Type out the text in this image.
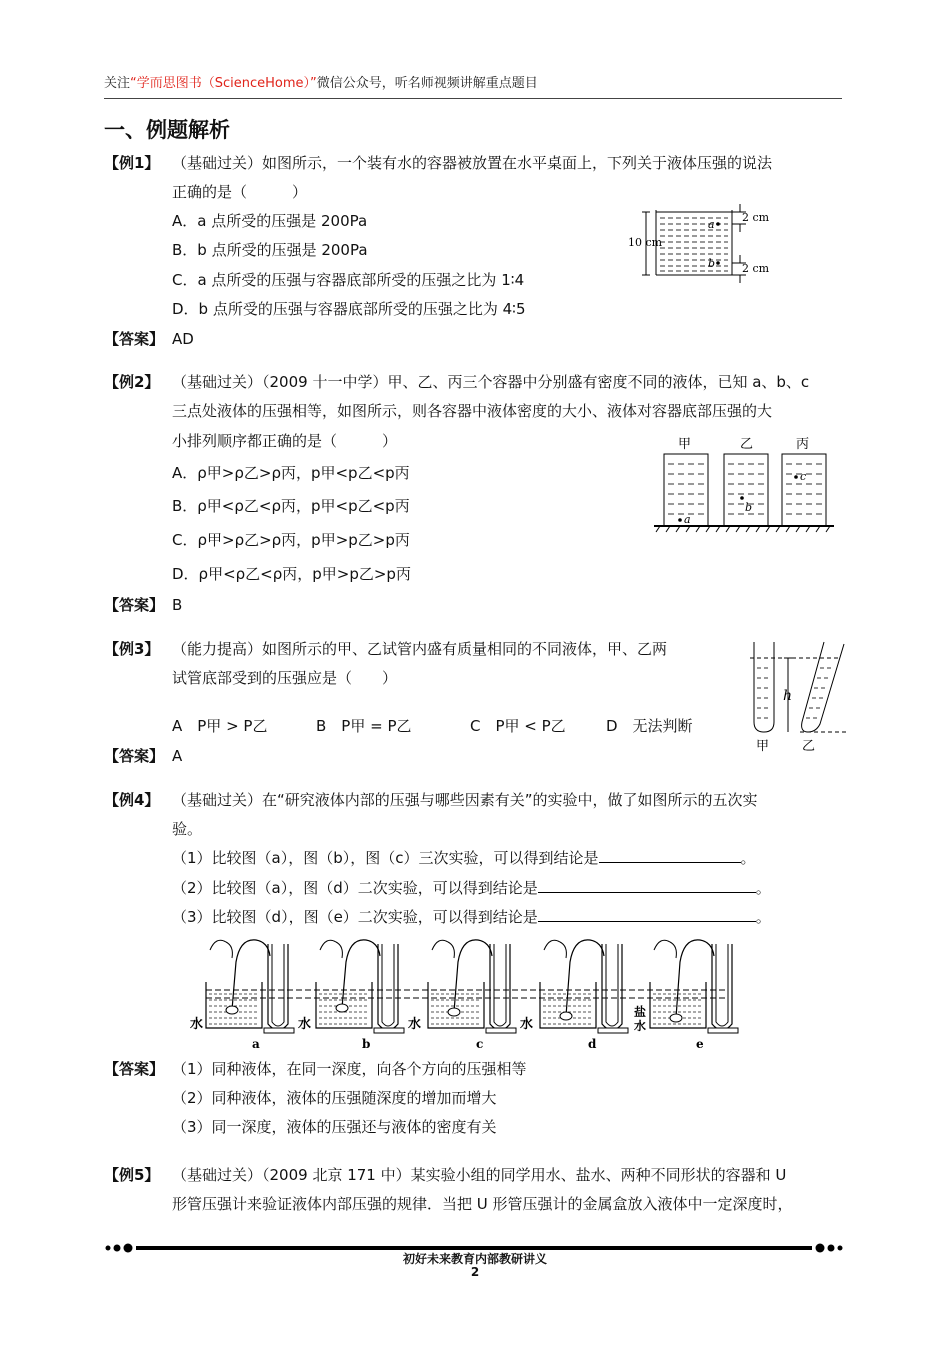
关注“学而思图书（ScienceHome）”微信公众号，听名师视频讲解重点题目
一、例题解析
【例1】 （基础过关）如图所示，一个装有水的容器被放置在水平桌面上，下列关于液体压强的说法
正确的是（　　　）
A．a 点所受的压强是 200Pa
B．b 点所受的压强是 200Pa
C．a 点所受的压强与容器底部所受的压强之比为 1∶4
D．b 点所受的压强与容器底部所受的压强之比为 4∶5
【答案】 AD
a
b
10 cm
2 cm
2 cm
【例2】 （基础过关）（2009 十一中学）甲、乙、丙三个容器中分别盛有密度不同的液体，已知 a、b、c
三点处液体的压强相等，如图所示，则各容器中液体密度的大小、液体对容器底部压强的大
小排列顺序都正确的是（　　　）
A．ρ甲>ρ乙>ρ丙，p甲<p乙<p丙
B．ρ甲<ρ乙<ρ丙，p甲<p乙<p丙
C．ρ甲>ρ乙>ρ丙，p甲>p乙>p丙
D．ρ甲<ρ乙<ρ丙，p甲>p乙>p丙
【答案】 B
甲	乙	丙
a
b
c
【例3】 （能力提高）如图所示的甲、乙试管内盛有质量相同的不同液体，甲、乙两
试管底部受到的压强应是（　　）
A　P甲 > P乙	B　P甲 = P乙	C　P甲 < P乙	D　无法判断
【答案】 A
h
甲	乙
【例4】 （基础过关）在“研究液体内部的压强与哪些因素有关”的实验中，做了如图所示的五次实
验。
（1）比较图（a），图（b），图（c）三次实验，可以得到结论是	。
（2）比较图（a），图（d）二次实验，可以得到结论是	。
（3）比较图（d），图（e）二次实验，可以得到结论是	。
水	水	水	水
盐水
a	b	c	d	e
【答案】 （1）同种液体，在同一深度，向各个方向的压强相等
（2）同种液体，液体的压强随深度的增加而增大
（3）同一深度，液体的压强还与液体的密度有关
【例5】 （基础过关）（2009 北京 171 中）某实验小组的同学用水、盐水、两种不同形状的容器和 U
形管压强计来验证液体内部压强的规律．当把 U 形管压强计的金属盒放入液体中一定深度时，
初好未来教育内部教研讲义
2
